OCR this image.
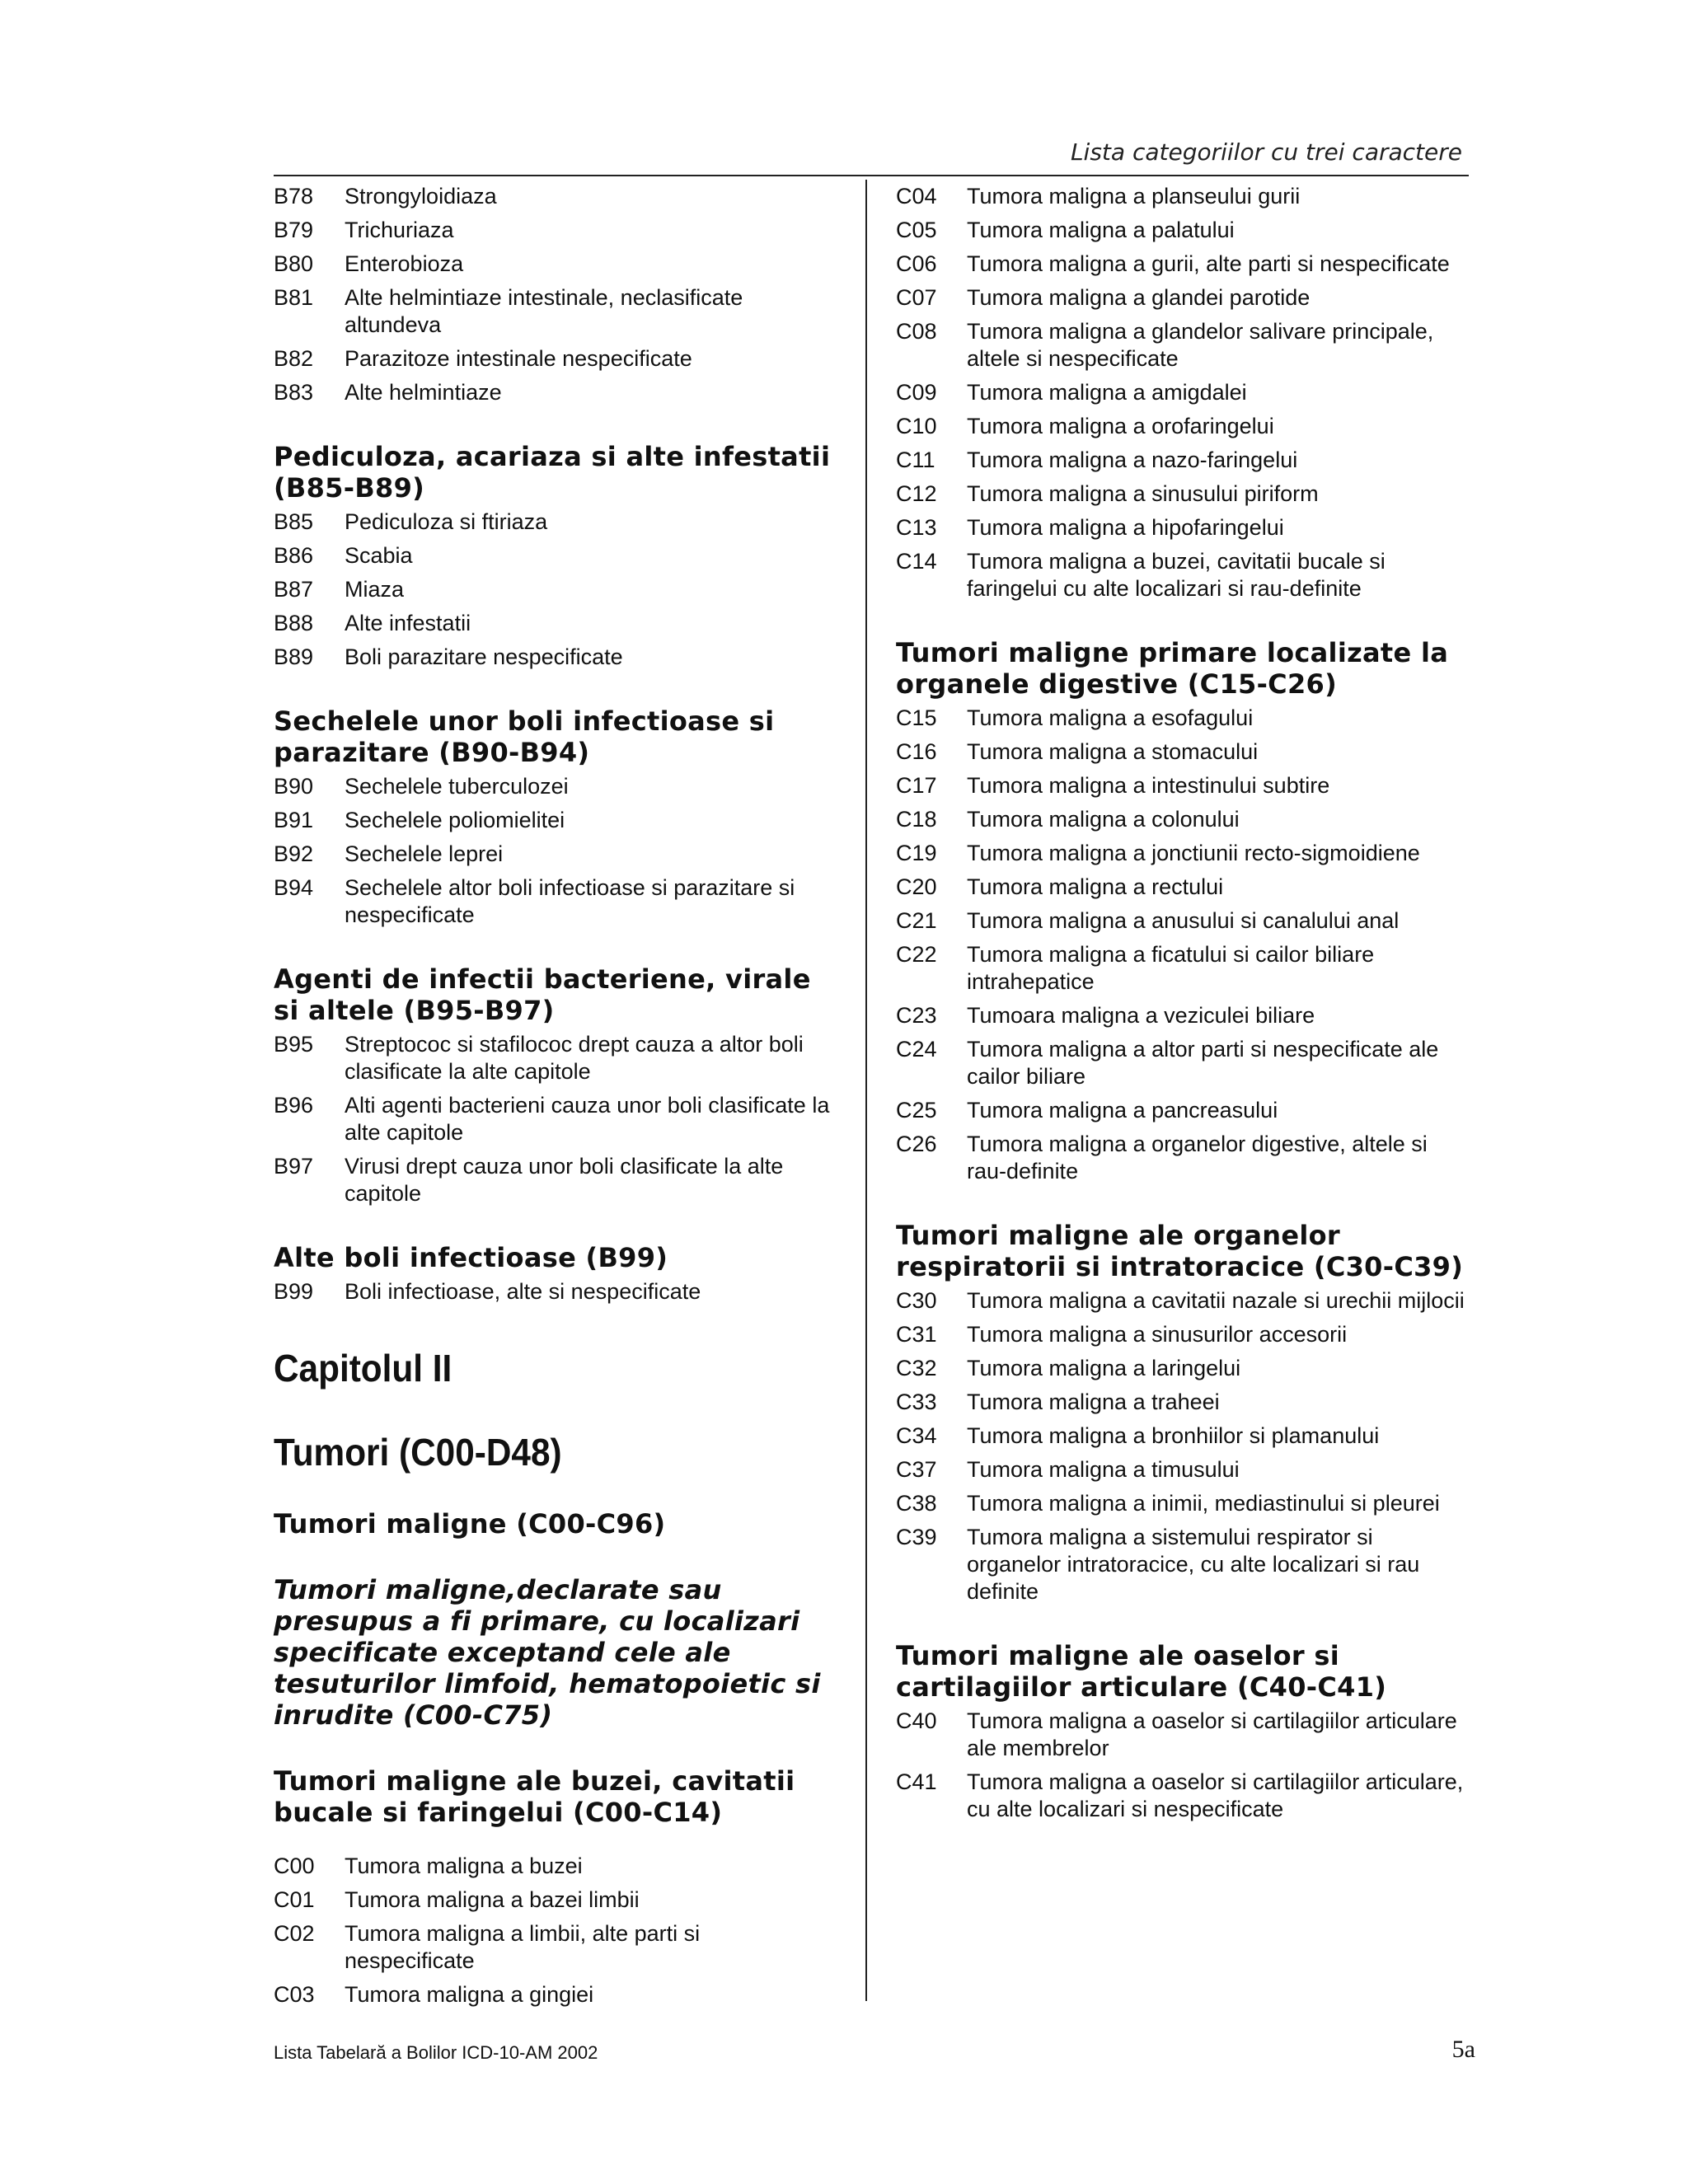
Lista categoriilor cu trei caractere
B78	Strongyloidiaza
B79	Trichuriaza
B80	Enterobioza
B81	Alte helmintiaze intestinale, neclasificate altundeva
B82	Parazitoze intestinale nespecificate
B83	Alte helmintiaze
Pediculoza, acariaza si alte infestatii (B85-B89)
B85	Pediculoza si ftiriaza
B86	Scabia
B87	Miaza
B88	Alte infestatii
B89	Boli parazitare nespecificate
Sechelele unor boli infectioase si parazitare (B90-B94)
B90	Sechelele tuberculozei
B91	Sechelele poliomielitei
B92	Sechelele leprei
B94	Sechelele altor boli infectioase si parazitare si nespecificate
Agenti de infectii bacteriene, virale si altele (B95-B97)
B95	Streptococ si stafilococ drept cauza a altor boli clasificate la alte capitole
B96	Alti agenti bacterieni cauza unor boli clasificate la alte capitole
B97	Virusi drept cauza unor boli clasificate la alte capitole
Alte boli infectioase (B99)
B99	Boli infectioase, alte si nespecificate
Capitolul II
Tumori (C00-D48)
Tumori maligne (C00-C96)
Tumori maligne,declarate sau presupus a fi primare, cu localizari specificate exceptand cele ale tesuturilor limfoid, hematopoietic si inrudite (C00-C75)
Tumori maligne ale buzei, cavitatii bucale si faringelui (C00-C14)
C00	Tumora maligna a buzei
C01	Tumora maligna a bazei limbii
C02	Tumora maligna a limbii, alte parti si nespecificate
C03	Tumora maligna a gingiei
C04	Tumora maligna a planseului gurii
C05	Tumora maligna a palatului
C06	Tumora maligna a gurii, alte parti si nespecificate
C07	Tumora maligna a glandei parotide
C08	Tumora maligna a glandelor salivare principale, altele si nespecificate
C09	Tumora maligna a amigdalei
C10	Tumora maligna a orofaringelui
C11	Tumora maligna a nazo-faringelui
C12	Tumora maligna a sinusului piriform
C13	Tumora maligna a hipofaringelui
C14	Tumora maligna a buzei, cavitatii bucale si faringelui cu alte localizari si rau-definite
Tumori maligne primare localizate la organele digestive (C15-C26)
C15	Tumora maligna a esofagului
C16	Tumora maligna a stomacului
C17	Tumora maligna a intestinului subtire
C18	Tumora maligna a colonului
C19	Tumora maligna a jonctiunii recto-sigmoidiene
C20	Tumora maligna a rectului
C21	Tumora maligna a anusului si canalului anal
C22	Tumora maligna a ficatului si cailor biliare intrahepatice
C23	Tumoara maligna a veziculei biliare
C24	Tumora maligna a altor parti si nespecificate ale cailor biliare
C25	Tumora maligna a pancreasului
C26	Tumora maligna a organelor digestive, altele si rau-definite
Tumori maligne ale organelor respiratorii si intratoracice (C30-C39)
C30	Tumora maligna a cavitatii nazale si urechii mijlocii
C31	Tumora maligna a sinusurilor accesorii
C32	Tumora maligna a laringelui
C33	Tumora maligna a traheei
C34	Tumora maligna a bronhiilor si plamanului
C37	Tumora maligna a timusului
C38	Tumora maligna a inimii, mediastinului si pleurei
C39	Tumora maligna a sistemului respirator si organelor intratoracice, cu alte localizari si rau definite
Tumori maligne ale oaselor si cartilagiilor articulare (C40-C41)
C40	Tumora maligna a oaselor si cartilagiilor articulare ale membrelor
C41	Tumora maligna a oaselor si cartilagiilor articulare, cu alte localizari si nespecificate
Lista Tabelară a Bolilor ICD-10-AM 2002	5a
